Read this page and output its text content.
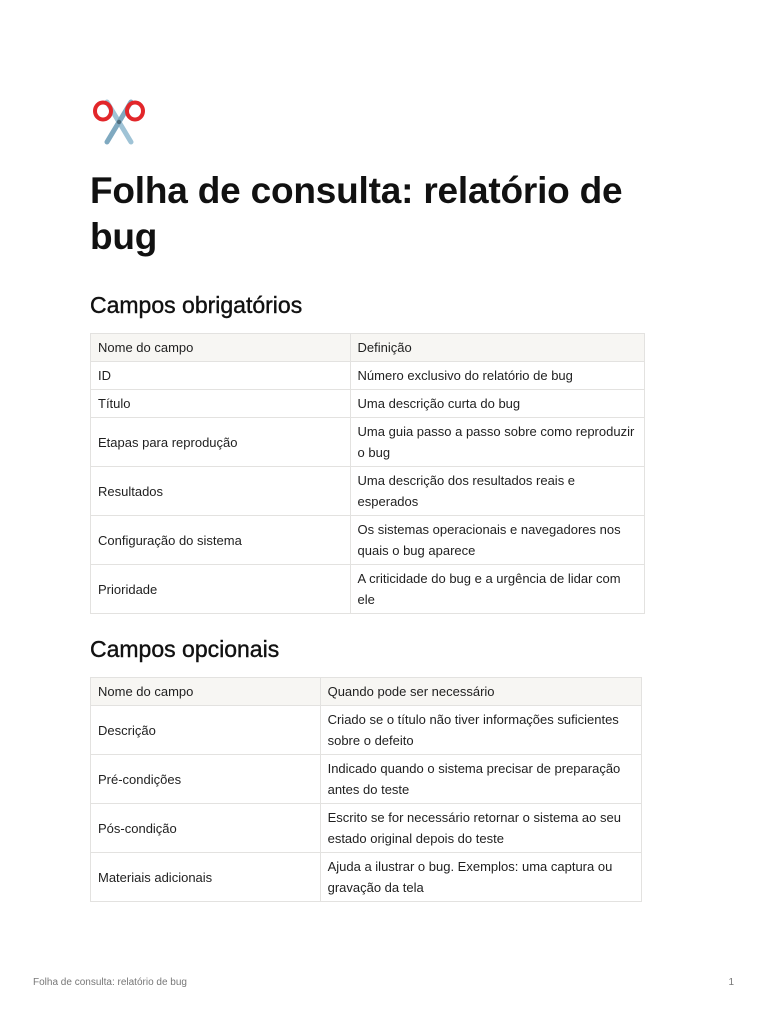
Folha de consulta: relatório de bug
Campos obrigatórios
Nome do campo	Definição
ID	Número exclusivo do relatório de bug
Título	Uma descrição curta do bug
Etapas para reprodução	Uma guia passo a passo sobre como reproduzir o bug
Resultados	Uma descrição dos resultados reais e esperados
Configuração do sistema	Os sistemas operacionais e navegadores nos quais o bug aparece
Prioridade	A criticidade do bug e a urgência de lidar com ele
Campos opcionais
Nome do campo	Quando pode ser necessário
Descrição	Criado se o título não tiver informações suficientes sobre o defeito
Pré-condições	Indicado quando o sistema precisar de preparação antes do teste
Pós-condição	Escrito se for necessário retornar o sistema ao seu estado original depois do teste
Materiais adicionais	Ajuda a ilustrar o bug. Exemplos: uma captura ou gravação da tela
Folha de consulta: relatório de bug	1
